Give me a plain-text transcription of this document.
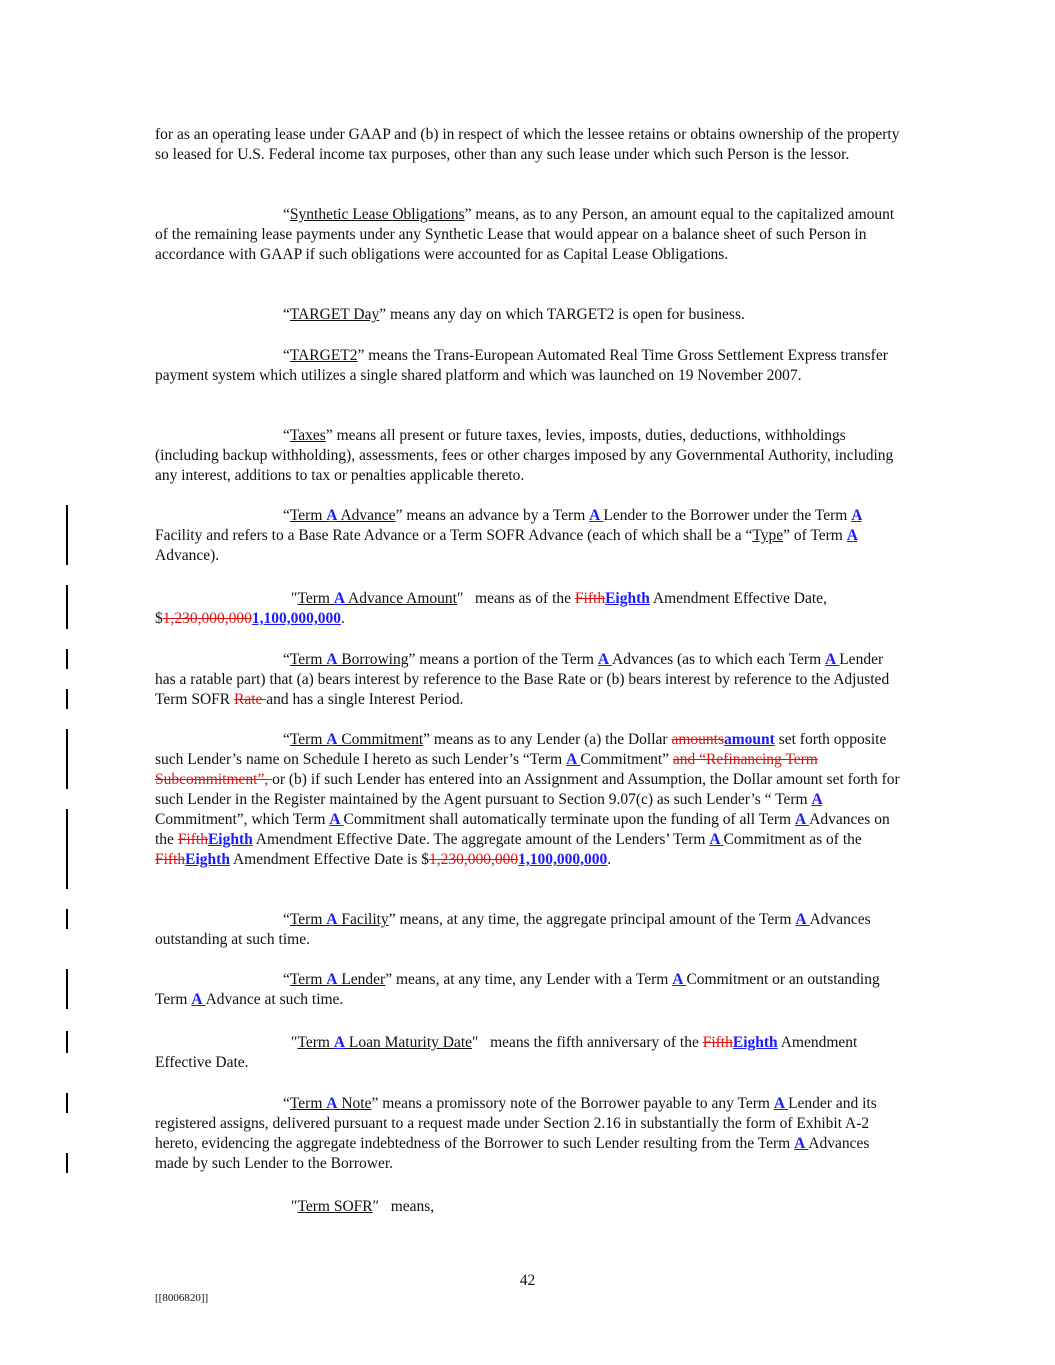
for as an operating lease under GAAP and (b) in respect of which the lessee retains or obtains ownership of the property so leased for U.S. Federal income tax purposes, other than any such lease under which such Person is the lessor.

“Synthetic Lease Obligations” means, as to any Person, an amount equal to the capitalized amount of the remaining lease payments under any Synthetic Lease that would appear on a balance sheet of such Person in accordance with GAAP if such obligations were accounted for as Capital Lease Obligations.

“TARGET Day” means any day on which TARGET2 is open for business.

“TARGET2” means the Trans-European Automated Real Time Gross Settlement Express transfer payment system which utilizes a single shared platform and which was launched on 19 November 2007.

“Taxes” means all present or future taxes, levies, imposts, duties, deductions, withholdings (including backup withholding), assessments, fees or other charges imposed by any Governmental Authority, including any interest, additions to tax or penalties applicable thereto.

“Term A Advance” means an advance by a Term A Lender to the Borrower under the Term A Facility and refers to a Base Rate Advance or a Term SOFR Advance (each of which shall be a “Type” of Term A Advance).

″Term A Advance Amount″   means as of the FifthEighth Amendment Effective Date, $1,230,000,0001,100,000,000.

“Term A Borrowing” means a portion of the Term A Advances (as to which each Term A Lender has a ratable part) that (a) bears interest by reference to the Base Rate or (b) bears interest by reference to the Adjusted Term SOFR Rate and has a single Interest Period.

“Term A Commitment” means as to any Lender (a) the Dollar amountsamount set forth opposite such Lender’s name on Schedule I hereto as such Lender’s “Term A Commitment” and “Refinancing Term Subcommitment”, or (b) if such Lender has entered into an Assignment and Assumption, the Dollar amount set forth for such Lender in the Register maintained by the Agent pursuant to Section 9.07(c) as such Lender’s “ Term A Commitment”, which Term A Commitment shall automatically terminate upon the funding of all Term A Advances on the FifthEighth Amendment Effective Date. The aggregate amount of the Lenders’ Term A Commitment as of the FifthEighth Amendment Effective Date is $1,230,000,0001,100,000,000.

“Term A Facility” means, at any time, the aggregate principal amount of the Term A Advances outstanding at such time.

“Term A Lender” means, at any time, any Lender with a Term A Commitment or an outstanding Term A Advance at such time.

″Term A Loan Maturity Date″   means the fifth anniversary of the FifthEighth Amendment Effective Date.

“Term A Note” means a promissory note of the Borrower payable to any Term A Lender and its registered assigns, delivered pursuant to a request made under Section 2.16 in substantially the form of Exhibit A-2 hereto, evidencing the aggregate indebtedness of the Borrower to such Lender resulting from the Term A Advances made by such Lender to the Borrower.

″Term SOFR″   means,

42
[[8006820]]
